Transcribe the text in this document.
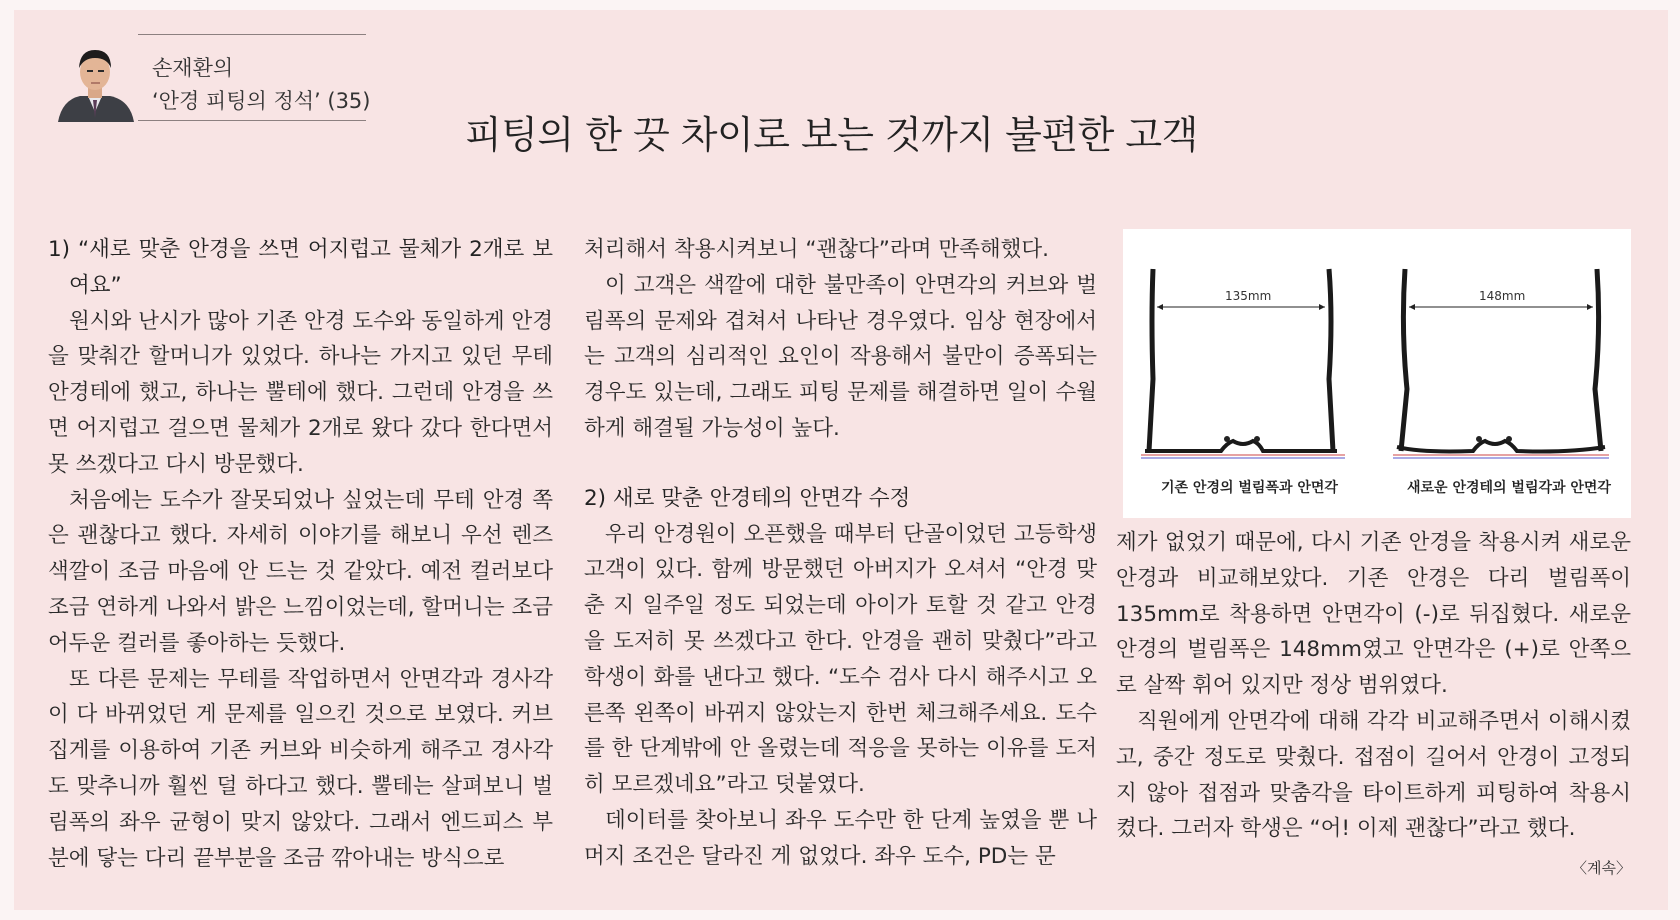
손재환의
‘안경 피팅의 정석’ (35)
피팅의 한 끗 차이로 보는 것까지 불편한 고객

1) “새로 맞춘 안경을 쓰면 어지럽고 물체가 2개로 보여요”

원시와 난시가 많아 기존 안경 도수와 동일하게 안경을 맞춰간 할머니가 있었다. 하나는 가지고 있던 무테 안경테에 했고, 하나는 뿔테에 했다. 그런데 안경을 쓰면 어지럽고 걸으면 물체가 2개로 왔다 갔다 한다면서 못 쓰겠다고 다시 방문했다.

처음에는 도수가 잘못되었나 싶었는데 무테 안경 쪽은 괜찮다고 했다. 자세히 이야기를 해보니 우선 렌즈 색깔이 조금 마음에 안 드는 것 같았다. 예전 컬러보다 조금 연하게 나와서 밝은 느낌이었는데, 할머니는 조금 어두운 컬러를 좋아하는 듯했다.

또 다른 문제는 무테를 작업하면서 안면각과 경사각이 다 바뀌었던 게 문제를 일으킨 것으로 보였다. 커브집게를 이용하여 기존 커브와 비슷하게 해주고 경사각도 맞추니까 훨씬 덜 하다고 했다. 뿔테는 살펴보니 벌림폭의 좌우 균형이 맞지 않았다. 그래서 엔드피스 부분에 닿는 다리 끝부분을 조금 깎아내는 방식으로

처리해서 착용시켜보니 “괜찮다”라며 만족해했다.

이 고객은 색깔에 대한 불만족이 안면각의 커브와 벌림폭의 문제와 겹쳐서 나타난 경우였다. 임상 현장에서는 고객의 심리적인 요인이 작용해서 불만이 증폭되는 경우도 있는데, 그래도 피팅 문제를 해결하면 일이 수월하게 해결될 가능성이 높다.

2) 새로 맞춘 안경테의 안면각 수정

우리 안경원이 오픈했을 때부터 단골이었던 고등학생 고객이 있다. 함께 방문했던 아버지가 오셔서 “안경 맞춘 지 일주일 정도 되었는데 아이가 토할 것 같고 안경을 도저히 못 쓰겠다고 한다. 안경을 괜히 맞췄다”라고 학생이 화를 낸다고 했다. “도수 검사 다시 해주시고 오른쪽 왼쪽이 바뀌지 않았는지 한번 체크해주세요. 도수를 한 단계밖에 안 올렸는데 적응을 못하는 이유를 도저히 모르겠네요”라고 덧붙였다.

데이터를 찾아보니 좌우 도수만 한 단계 높였을 뿐 나머지 조건은 달라진 게 없었다. 좌우 도수, PD는 문

135mm	148mm
기존 안경의 벌림폭과 안면각	새로운 안경테의 벌림각과 안면각

제가 없었기 때문에, 다시 기존 안경을 착용시켜 새로운 안경과 비교해보았다. 기존 안경은 다리 벌림폭이 135mm로 착용하면 안면각이 (-)로 뒤집혔다. 새로운 안경의 벌림폭은 148mm였고 안면각은 (+)로 안쪽으로 살짝 휘어 있지만 정상 범위였다.

직원에게 안면각에 대해 각각 비교해주면서 이해시켰고, 중간 정도로 맞췄다. 접점이 길어서 안경이 고정되지 않아 접점과 맞춤각을 타이트하게 피팅하여 착용시켰다. 그러자 학생은 “어! 이제 괜찮다”라고 했다.
〈계속〉
